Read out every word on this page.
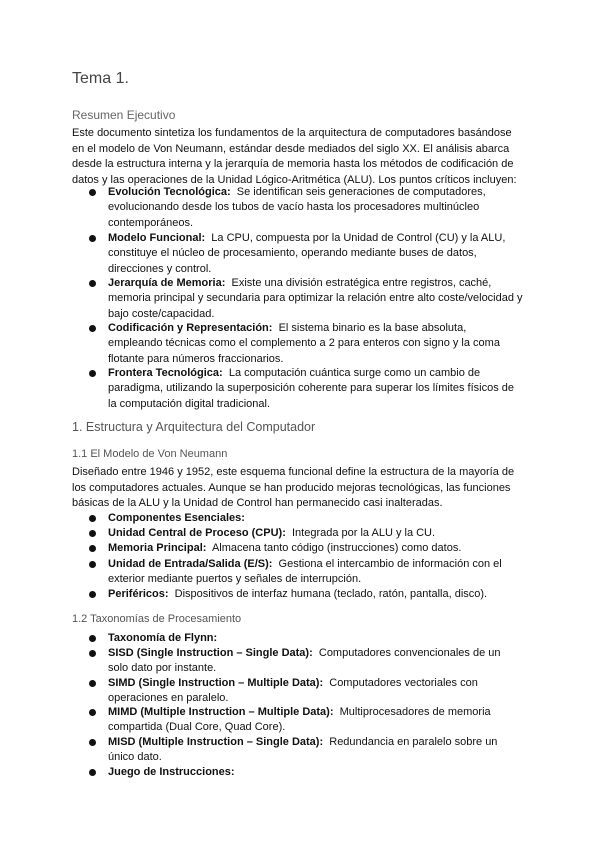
Tema 1.
Resumen Ejecutivo
Este documento sintetiza los fundamentos de la arquitectura de computadores basándose
en el modelo de Von Neumann, estándar desde mediados del siglo XX. El análisis abarca
desde la estructura interna y la jerarquía de memoria hasta los métodos de codificación de
datos y las operaciones de la Unidad Lógico-Aritmética (ALU). Los puntos críticos incluyen:
Evolución Tecnológica: Se identifican seis generaciones de computadores,
evolucionando desde los tubos de vacío hasta los procesadores multinúcleo
contemporáneos.
Modelo Funcional: La CPU, compuesta por la Unidad de Control (CU) y la ALU,
constituye el núcleo de procesamiento, operando mediante buses de datos,
direcciones y control.
Jerarquía de Memoria: Existe una división estratégica entre registros, caché,
memoria principal y secundaria para optimizar la relación entre alto coste/velocidad y
bajo coste/capacidad.
Codificación y Representación: El sistema binario es la base absoluta,
empleando técnicas como el complemento a 2 para enteros con signo y la coma
flotante para números fraccionarios.
Frontera Tecnológica: La computación cuántica surge como un cambio de
paradigma, utilizando la superposición coherente para superar los límites físicos de
la computación digital tradicional.
1. Estructura y Arquitectura del Computador
1.1 El Modelo de Von Neumann
Diseñado entre 1946 y 1952, este esquema funcional define la estructura de la mayoría de
los computadores actuales. Aunque se han producido mejoras tecnológicas, las funciones
básicas de la ALU y la Unidad de Control han permanecido casi inalteradas.
Componentes Esenciales:
Unidad Central de Proceso (CPU): Integrada por la ALU y la CU.
Memoria Principal: Almacena tanto código (instrucciones) como datos.
Unidad de Entrada/Salida (E/S): Gestiona el intercambio de información con el
exterior mediante puertos y señales de interrupción.
Periféricos: Dispositivos de interfaz humana (teclado, ratón, pantalla, disco).
1.2 Taxonomías de Procesamiento
Taxonomía de Flynn:
SISD (Single Instruction – Single Data): Computadores convencionales de un
solo dato por instante.
SIMD (Single Instruction – Multiple Data): Computadores vectoriales con
operaciones en paralelo.
MIMD (Multiple Instruction – Multiple Data): Multiprocesadores de memoria
compartida (Dual Core, Quad Core).
MISD (Multiple Instruction – Single Data): Redundancia en paralelo sobre un
único dato.
Juego de Instrucciones:
